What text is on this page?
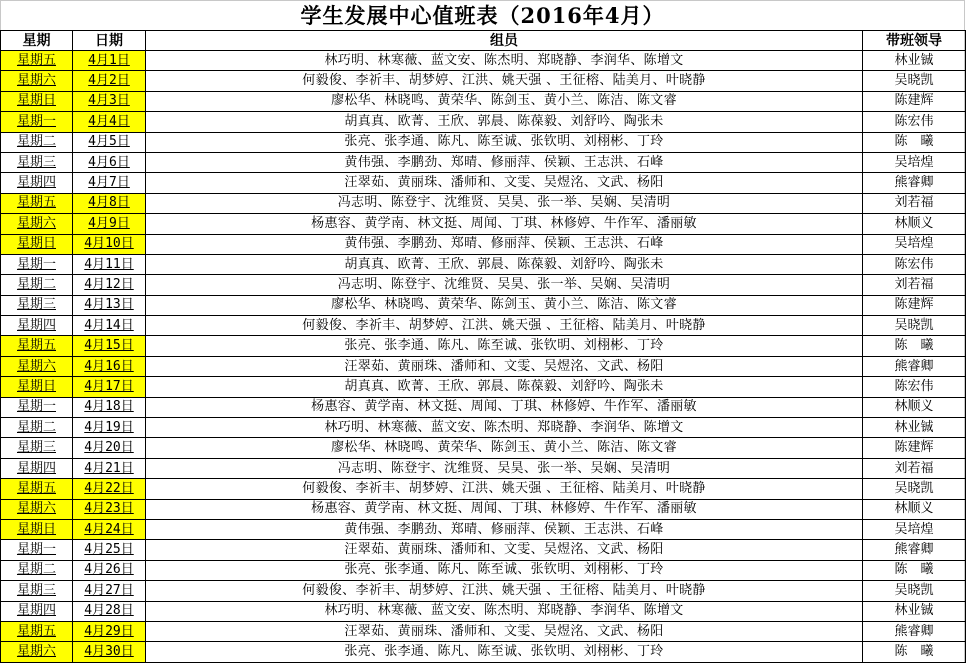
学生发展中心值班表（2016年4月）
星期	日期	组员	带班领导
星期五	4月1日	林巧明、林寒薇、蓝文安、陈杰明、郑晓静、李润华、陈增文	林业铖
星期六	4月2日	何毅俊、李祈丰、胡梦婷、江洪、姚天强 、王征榕、陆美月、叶晓静	吴晓凯
星期日	4月3日	廖松华、林晓鸣、黄荣华、陈剑玉、黄小兰、陈洁、陈文睿	陈建辉
星期一	4月4日	胡真真、欧菁、王欣、郭晨、陈葆毅、刘舒吟、陶张未	陈宏伟
星期二	4月5日	张亮、张李通、陈凡、陈至诚、张钦明、刘栩彬、丁玲	陈　曦
星期三	4月6日	黄伟强、李鹏劲、郑晴、修丽萍、侯颖、王志洪、石峰	吴培煌
星期四	4月7日	汪翠茹、黄丽珠、潘师和、文雯、吴煜洺、文武、杨阳	熊睿卿
星期五	4月8日	冯志明、陈登宇、沈维贤、吴昊、张一举、吴娴、吴清明	刘若福
星期六	4月9日	杨惠容、黄学南、林文挺、周闻、丁琪、林修婷、牛作军、潘丽敏	林顺义
星期日	4月10日	黄伟强、李鹏劲、郑晴、修丽萍、侯颖、王志洪、石峰	吴培煌
星期一	4月11日	胡真真、欧菁、王欣、郭晨、陈葆毅、刘舒吟、陶张未	陈宏伟
星期二	4月12日	冯志明、陈登宇、沈维贤、吴昊、张一举、吴娴、吴清明	刘若福
星期三	4月13日	廖松华、林晓鸣、黄荣华、陈剑玉、黄小兰、陈洁、陈文睿	陈建辉
星期四	4月14日	何毅俊、李祈丰、胡梦婷、江洪、姚天强 、王征榕、陆美月、叶晓静	吴晓凯
星期五	4月15日	张亮、张李通、陈凡、陈至诚、张钦明、刘栩彬、丁玲	陈　曦
星期六	4月16日	汪翠茹、黄丽珠、潘师和、文雯、吴煜洺、文武、杨阳	熊睿卿
星期日	4月17日	胡真真、欧菁、王欣、郭晨、陈葆毅、刘舒吟、陶张未	陈宏伟
星期一	4月18日	杨惠容、黄学南、林文挺、周闻、丁琪、林修婷、牛作军、潘丽敏	林顺义
星期二	4月19日	林巧明、林寒薇、蓝文安、陈杰明、郑晓静、李润华、陈增文	林业铖
星期三	4月20日	廖松华、林晓鸣、黄荣华、陈剑玉、黄小兰、陈洁、陈文睿	陈建辉
星期四	4月21日	冯志明、陈登宇、沈维贤、吴昊、张一举、吴娴、吴清明	刘若福
星期五	4月22日	何毅俊、李祈丰、胡梦婷、江洪、姚天强 、王征榕、陆美月、叶晓静	吴晓凯
星期六	4月23日	杨惠容、黄学南、林文挺、周闻、丁琪、林修婷、牛作军、潘丽敏	林顺义
星期日	4月24日	黄伟强、李鹏劲、郑晴、修丽萍、侯颖、王志洪、石峰	吴培煌
星期一	4月25日	汪翠茹、黄丽珠、潘师和、文雯、吴煜洺、文武、杨阳	熊睿卿
星期二	4月26日	张亮、张李通、陈凡、陈至诚、张钦明、刘栩彬、丁玲	陈　曦
星期三	4月27日	何毅俊、李祈丰、胡梦婷、江洪、姚天强 、王征榕、陆美月、叶晓静	吴晓凯
星期四	4月28日	林巧明、林寒薇、蓝文安、陈杰明、郑晓静、李润华、陈增文	林业铖
星期五	4月29日	汪翠茹、黄丽珠、潘师和、文雯、吴煜洺、文武、杨阳	熊睿卿
星期六	4月30日	张亮、张李通、陈凡、陈至诚、张钦明、刘栩彬、丁玲	陈　曦
